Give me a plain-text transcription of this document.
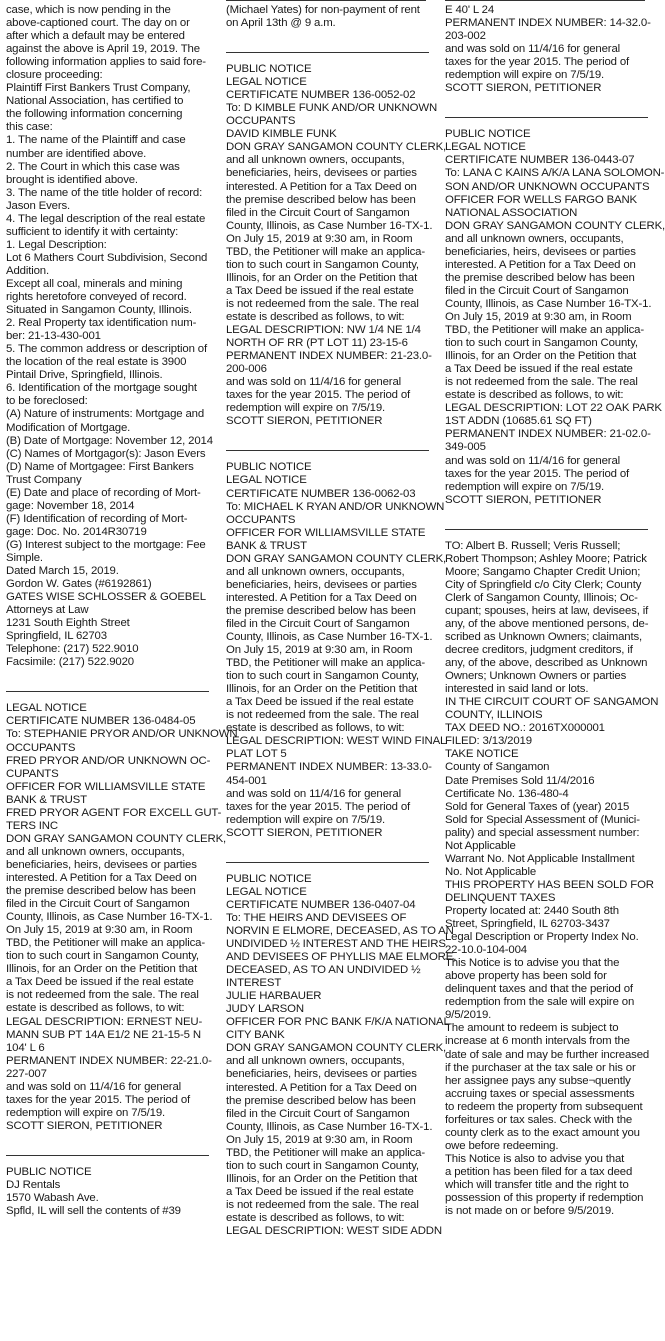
case, which is now pending in the
above-captioned court. The day on or
after which a default may be entered
against the above is April 19, 2019. The
following information applies to said fore-
closure proceeding:
Plaintiff First Bankers Trust Company,
National Association, has certified to
the following information concerning
this case:
1. The name of the Plaintiff and case
number are identified above.
2. The Court in which this case was
brought is identified above.
3. The name of the title holder of record:
Jason Evers.
4. The legal description of the real estate
sufficient to identify it with certainty:
1. Legal Description:
Lot 6 Mathers Court Subdivision, Second
Addition.
Except all coal, minerals and mining
rights heretofore conveyed of record.
Situated in Sangamon County, Illinois.
2. Real Property tax identification num-
ber: 21-13-430-001
5. The common address or description of
the location of the real estate is 3900
Pintail Drive, Springfield, Illinois.
6. Identification of the mortgage sought
to be foreclosed:
(A) Nature of instruments: Mortgage and
Modification of Mortgage.
(B) Date of Mortgage: November 12, 2014
(C) Names of Mortgagor(s): Jason Evers
(D) Name of Mortgagee: First Bankers
Trust Company
(E) Date and place of recording of Mort-
gage: November 18, 2014
(F) Identification of recording of Mort-
gage: Doc. No. 2014R30719
(G) Interest subject to the mortgage: Fee
Simple.
Dated March 15, 2019.
Gordon W. Gates (#6192861)
GATES WISE SCHLOSSER & GOEBEL
Attorneys at Law
1231 South Eighth Street
Springfield, IL 62703
Telephone: (217) 522.9010
Facsimile: (217) 522.9020
LEGAL NOTICE
CERTIFICATE NUMBER 136-0484-05
To: STEPHANIE PRYOR AND/OR UNKNOWN
OCCUPANTS
FRED PRYOR AND/OR UNKNOWN OC-
CUPANTS
OFFICER FOR WILLIAMSVILLE STATE
BANK & TRUST
FRED PRYOR AGENT FOR EXCELL GUT-
TERS INC
DON GRAY SANGAMON COUNTY CLERK,
and all unknown owners, occupants,
beneficiaries, heirs, devisees or parties
interested. A Petition for a Tax Deed on
the premise described below has been
filed in the Circuit Court of Sangamon
County, Illinois, as Case Number 16-TX-1.
On July 15, 2019 at 9:30 am, in Room
TBD, the Petitioner will make an applica-
tion to such court in Sangamon County,
Illinois, for an Order on the Petition that
a Tax Deed be issued if the real estate
is not redeemed from the sale. The real
estate is described as follows, to wit:
LEGAL DESCRIPTION: ERNEST NEU-
MANN SUB PT 14A E1/2 NE 21-15-5 N
104' L 6
PERMANENT INDEX NUMBER: 22-21.0-
227-007
and was sold on 11/4/16 for general
taxes for the year 2015. The period of
redemption will expire on 7/5/19.
SCOTT SIERON, PETITIONER
PUBLIC NOTICE
DJ Rentals
1570 Wabash Ave.
Spfld, IL will sell the contents of #39
(Michael Yates) for non-payment of rent
on April 13th @ 9 a.m.
PUBLIC NOTICE
LEGAL NOTICE
CERTIFICATE NUMBER 136-0052-02
To: D KIMBLE FUNK AND/OR UNKNOWN
OCCUPANTS
DAVID KIMBLE FUNK
DON GRAY SANGAMON COUNTY CLERK,
and all unknown owners, occupants,
beneficiaries, heirs, devisees or parties
interested. A Petition for a Tax Deed on
the premise described below has been
filed in the Circuit Court of Sangamon
County, Illinois, as Case Number 16-TX-1.
On July 15, 2019 at 9:30 am, in Room
TBD, the Petitioner will make an applica-
tion to such court in Sangamon County,
Illinois, for an Order on the Petition that
a Tax Deed be issued if the real estate
is not redeemed from the sale. The real
estate is described as follows, to wit:
LEGAL DESCRIPTION: NW 1/4 NE 1/4
NORTH OF RR (PT LOT 11) 23-15-6
PERMANENT INDEX NUMBER: 21-23.0-
200-006
and was sold on 11/4/16 for general
taxes for the year 2015. The period of
redemption will expire on 7/5/19.
SCOTT SIERON, PETITIONER
PUBLIC NOTICE
LEGAL NOTICE
CERTIFICATE NUMBER 136-0062-03
To: MICHAEL K RYAN AND/OR UNKNOWN
OCCUPANTS
OFFICER FOR WILLIAMSVILLE STATE
BANK & TRUST
DON GRAY SANGAMON COUNTY CLERK,
and all unknown owners, occupants,
beneficiaries, heirs, devisees or parties
interested. A Petition for a Tax Deed on
the premise described below has been
filed in the Circuit Court of Sangamon
County, Illinois, as Case Number 16-TX-1.
On July 15, 2019 at 9:30 am, in Room
TBD, the Petitioner will make an applica-
tion to such court in Sangamon County,
Illinois, for an Order on the Petition that
a Tax Deed be issued if the real estate
is not redeemed from the sale. The real
estate is described as follows, to wit:
LEGAL DESCRIPTION: WEST WIND FINAL
PLAT LOT 5
PERMANENT INDEX NUMBER: 13-33.0-
454-001
and was sold on 11/4/16 for general
taxes for the year 2015. The period of
redemption will expire on 7/5/19.
SCOTT SIERON, PETITIONER
PUBLIC NOTICE
LEGAL NOTICE
CERTIFICATE NUMBER 136-0407-04
To: THE HEIRS AND DEVISEES OF
NORVIN E ELMORE, DECEASED, AS TO AN
UNDIVIDED ½ INTEREST AND THE HEIRS
AND DEVISEES OF PHYLLIS MAE ELMORE,
DECEASED, AS TO AN UNDIVIDED ½
INTEREST
JULIE HARBAUER
JUDY LARSON
OFFICER FOR PNC BANK F/K/A NATIONAL
CITY BANK
DON GRAY SANGAMON COUNTY CLERK,
and all unknown owners, occupants,
beneficiaries, heirs, devisees or parties
interested. A Petition for a Tax Deed on
the premise described below has been
filed in the Circuit Court of Sangamon
County, Illinois, as Case Number 16-TX-1.
On July 15, 2019 at 9:30 am, in Room
TBD, the Petitioner will make an applica-
tion to such court in Sangamon County,
Illinois, for an Order on the Petition that
a Tax Deed be issued if the real estate
is not redeemed from the sale. The real
estate is described as follows, to wit:
LEGAL DESCRIPTION: WEST SIDE ADDN
E 40' L 24
PERMANENT INDEX NUMBER: 14-32.0-
203-002
and was sold on 11/4/16 for general
taxes for the year 2015. The period of
redemption will expire on 7/5/19.
SCOTT SIERON, PETITIONER
PUBLIC NOTICE
LEGAL NOTICE
CERTIFICATE NUMBER 136-0443-07
To: LANA C KAINS A/K/A LANA SOLOMON-
SON AND/OR UNKNOWN OCCUPANTS
OFFICER FOR WELLS FARGO BANK
NATIONAL ASSOCIATION
DON GRAY SANGAMON COUNTY CLERK,
and all unknown owners, occupants,
beneficiaries, heirs, devisees or parties
interested. A Petition for a Tax Deed on
the premise described below has been
filed in the Circuit Court of Sangamon
County, Illinois, as Case Number 16-TX-1.
On July 15, 2019 at 9:30 am, in Room
TBD, the Petitioner will make an applica-
tion to such court in Sangamon County,
Illinois, for an Order on the Petition that
a Tax Deed be issued if the real estate
is not redeemed from the sale. The real
estate is described as follows, to wit:
LEGAL DESCRIPTION: LOT 22 OAK PARK
1ST ADDN (10685.61 SQ FT)
PERMANENT INDEX NUMBER: 21-02.0-
349-005
and was sold on 11/4/16 for general
taxes for the year 2015. The period of
redemption will expire on 7/5/19.
SCOTT SIERON, PETITIONER
TO: Albert B. Russell; Veris Russell;
Robert Thompson; Ashley Moore; Patrick
Moore; Sangamo Chapter Credit Union;
City of Springfield c/o City Clerk; County
Clerk of Sangamon County, Illinois; Oc-
cupant; spouses, heirs at law, devisees, if
any, of the above mentioned persons, de-
scribed as Unknown Owners; claimants,
decree creditors, judgment creditors, if
any, of the above, described as Unknown
Owners; Unknown Owners or parties
interested in said land or lots.
IN THE CIRCUIT COURT OF SANGAMON
COUNTY, ILLINOIS
TAX DEED NO.: 2016TX000001
FILED: 3/13/2019
TAKE NOTICE
County of Sangamon
Date Premises Sold 11/4/2016
Certificate No. 136-480-4
Sold for General Taxes of (year) 2015
Sold for Special Assessment of (Munici-
pality) and special assessment number:
Not Applicable
Warrant No. Not Applicable Installment
No. Not Applicable
THIS PROPERTY HAS BEEN SOLD FOR
DELINQUENT TAXES
Property located at: 2440 South 8th
Street, Springfield, IL 62703-3437
Legal Description or Property Index No.
22-10.0-104-004
This Notice is to advise you that the
above property has been sold for
delinquent taxes and that the period of
redemption from the sale will expire on
9/5/2019.
The amount to redeem is subject to
increase at 6 month intervals from the
date of sale and may be further increased
if the purchaser at the tax sale or his or
her assignee pays any subse¬quently
accruing taxes or special assessments
to redeem the property from subsequent
forfeitures or tax sales. Check with the
county clerk as to the exact amount you
owe before redeeming.
This Notice is also to advise you that
a petition has been filed for a tax deed
which will transfer title and the right to
possession of this property if redemption
is not made on or before 9/5/2019.
